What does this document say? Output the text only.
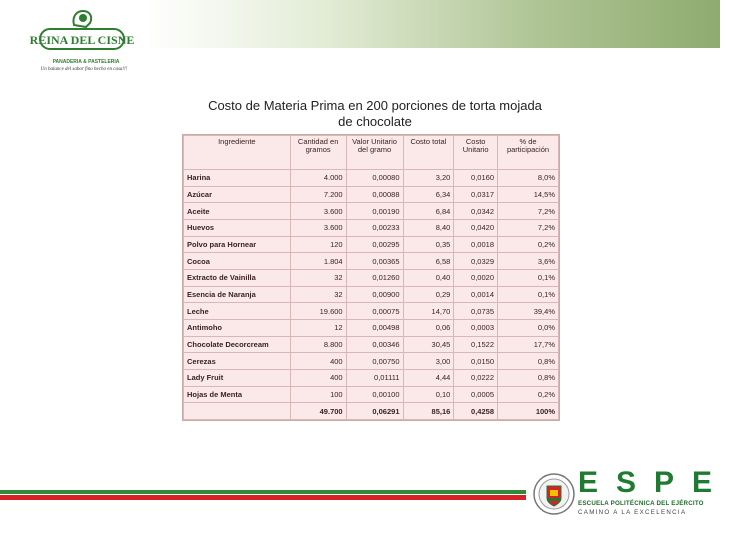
REINA DEL CISNE
PANADERIA & PASTELERIA
Un balance del sabor fino hecho en casa!!!
Costo de Materia Prima en 200 porciones de torta mojada
de chocolate
Ingrediente	Cantidad en gramos	Valor Unitario del gramo	Costo total	Costo Unitario	% de participación
Harina	4.000	0,00080	3,20	0,0160	8,0%
Azúcar	7.200	0,00088	6,34	0,0317	14,5%
Aceite	3.600	0,00190	6,84	0,0342	7,2%
Huevos	3.600	0,00233	8,40	0,0420	7,2%
Polvo para Hornear	120	0,00295	0,35	0,0018	0,2%
Cocoa	1.804	0,00365	6,58	0,0329	3,6%
Extracto de Vainilla	32	0,01260	0,40	0,0020	0,1%
Esencia de Naranja	32	0,00900	0,29	0,0014	0,1%
Leche	19.600	0,00075	14,70	0,0735	39,4%
Antimoho	12	0,00498	0,06	0,0003	0,0%
Chocolate Decorcream	8.800	0,00346	30,45	0,1522	17,7%
Cerezas	400	0,00750	3,00	0,0150	0,8%
Lady Fruit	400	0,01111	4,44	0,0222	0,8%
Hojas de Menta	100	0,00100	0,10	0,0005	0,2%
	49.700	0,06291	85,16	0,4258	100%
ESPE
ESCUELA POLITÉCNICA DEL EJÉRCITO
CAMINO A LA EXCELENCIA
